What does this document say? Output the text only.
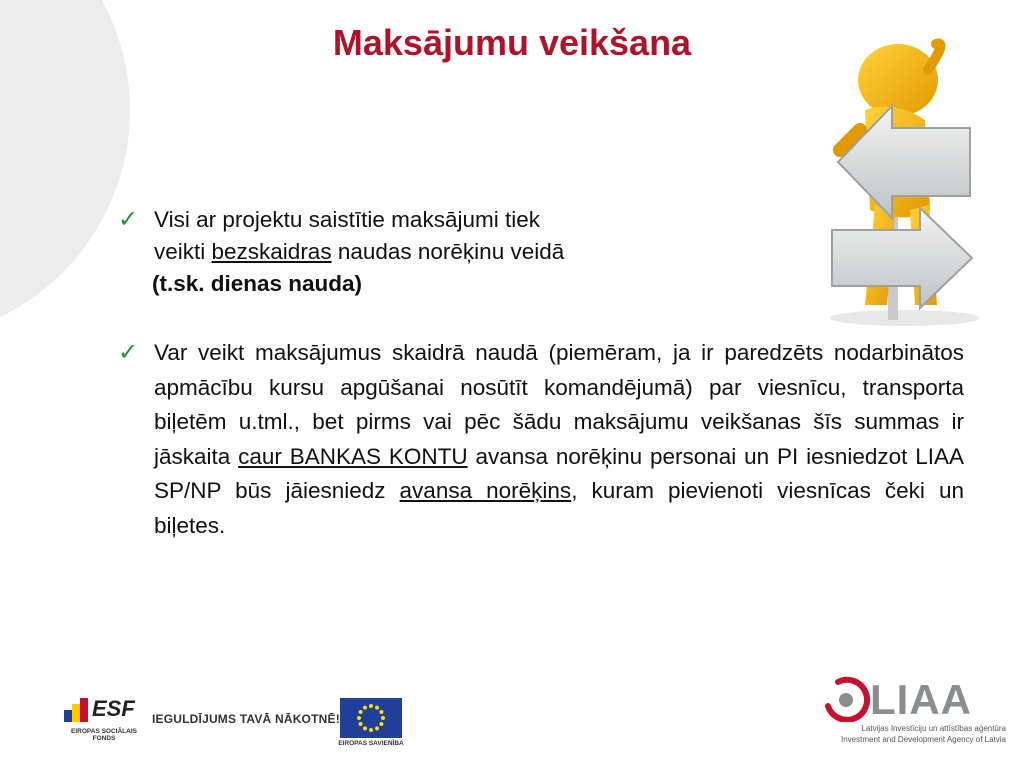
Maksājumu veikšana
✓ Visi ar projektu saistītie maksājumi tiek
veikti bezskaidras naudas norēķinu veidā
(t.sk. dienas nauda)
✓ Var veikt maksājumus skaidrā naudā (piemēram, ja ir paredzēts nodarbinātos apmācību kursu apgūšanai nosūtīt komandējumā) par viesnīcu, transporta biļetēm u.tml., bet pirms vai pēc šādu maksājumu veikšanas šīs summas ir jāskaita caur BANKAS KONTU avansa norēķinu personai un PI iesniedzot LIAA SP/NP būs jāiesniedz avansa norēķins, kuram pievienoti viesnīcas čeki un biļetes.
ESF
EIROPAS SOCIĀLAIS FONDS
IEGULDĪJUMS TAVĀ NĀKOTNĒ!
EIROPAS SAVIENĪBA
LIAA
Latvijas Investīciju un attīstības aģentūra
Investment and Development Agency of Latvia
